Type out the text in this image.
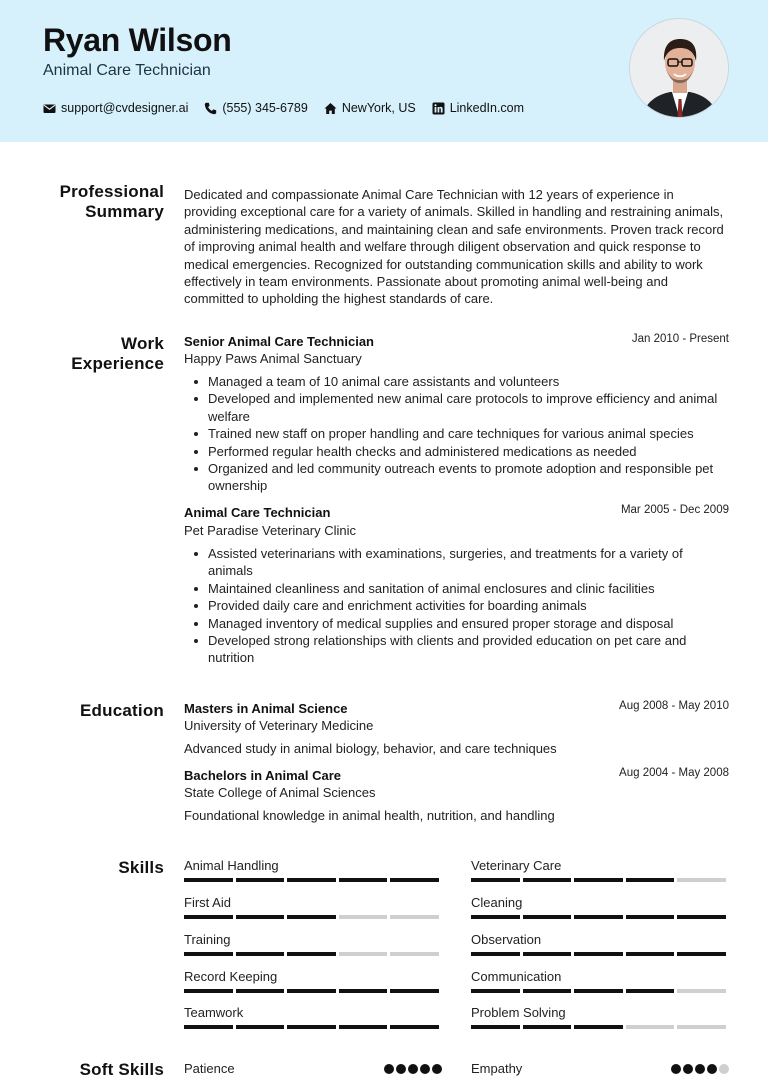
Ryan Wilson
Animal Care Technician
support@cvdesigner.ai	(555) 345-6789	NewYork, US	LinkedIn.com
Professional
Summary
Dedicated and compassionate Animal Care Technician with 12 years of experience in providing exceptional care for a variety of animals. Skilled in handling and restraining animals, administering medications, and maintaining clean and safe environments. Proven track record of improving animal health and welfare through diligent observation and quick response to medical emergencies. Recognized for outstanding communication skills and ability to work effectively in team environments. Passionate about promoting animal well-being and committed to upholding the highest standards of care.
Work
Experience
Senior Animal Care Technician	Jan 2010 - Present
Happy Paws Animal Sanctuary
Managed a team of 10 animal care assistants and volunteers
Developed and implemented new animal care protocols to improve efficiency and animal welfare
Trained new staff on proper handling and care techniques for various animal species
Performed regular health checks and administered medications as needed
Organized and led community outreach events to promote adoption and responsible pet ownership
Animal Care Technician	Mar 2005 - Dec 2009
Pet Paradise Veterinary Clinic
Assisted veterinarians with examinations, surgeries, and treatments for a variety of animals
Maintained cleanliness and sanitation of animal enclosures and clinic facilities
Provided daily care and enrichment activities for boarding animals
Managed inventory of medical supplies and ensured proper storage and disposal
Developed strong relationships with clients and provided education on pet care and nutrition
Education Masters in Animal Science	Aug 2008 - May 2010
University of Veterinary Medicine
Advanced study in animal biology, behavior, and care techniques
Bachelors in Animal Care	Aug 2004 - May 2008
State College of Animal Sciences
Foundational knowledge in animal health, nutrition, and handling
Skills Animal Handling	Veterinary Care
First Aid	Cleaning
Training	Observation
Record Keeping	Communication
Teamwork	Problem Solving
Soft Skills Patience	Empathy
